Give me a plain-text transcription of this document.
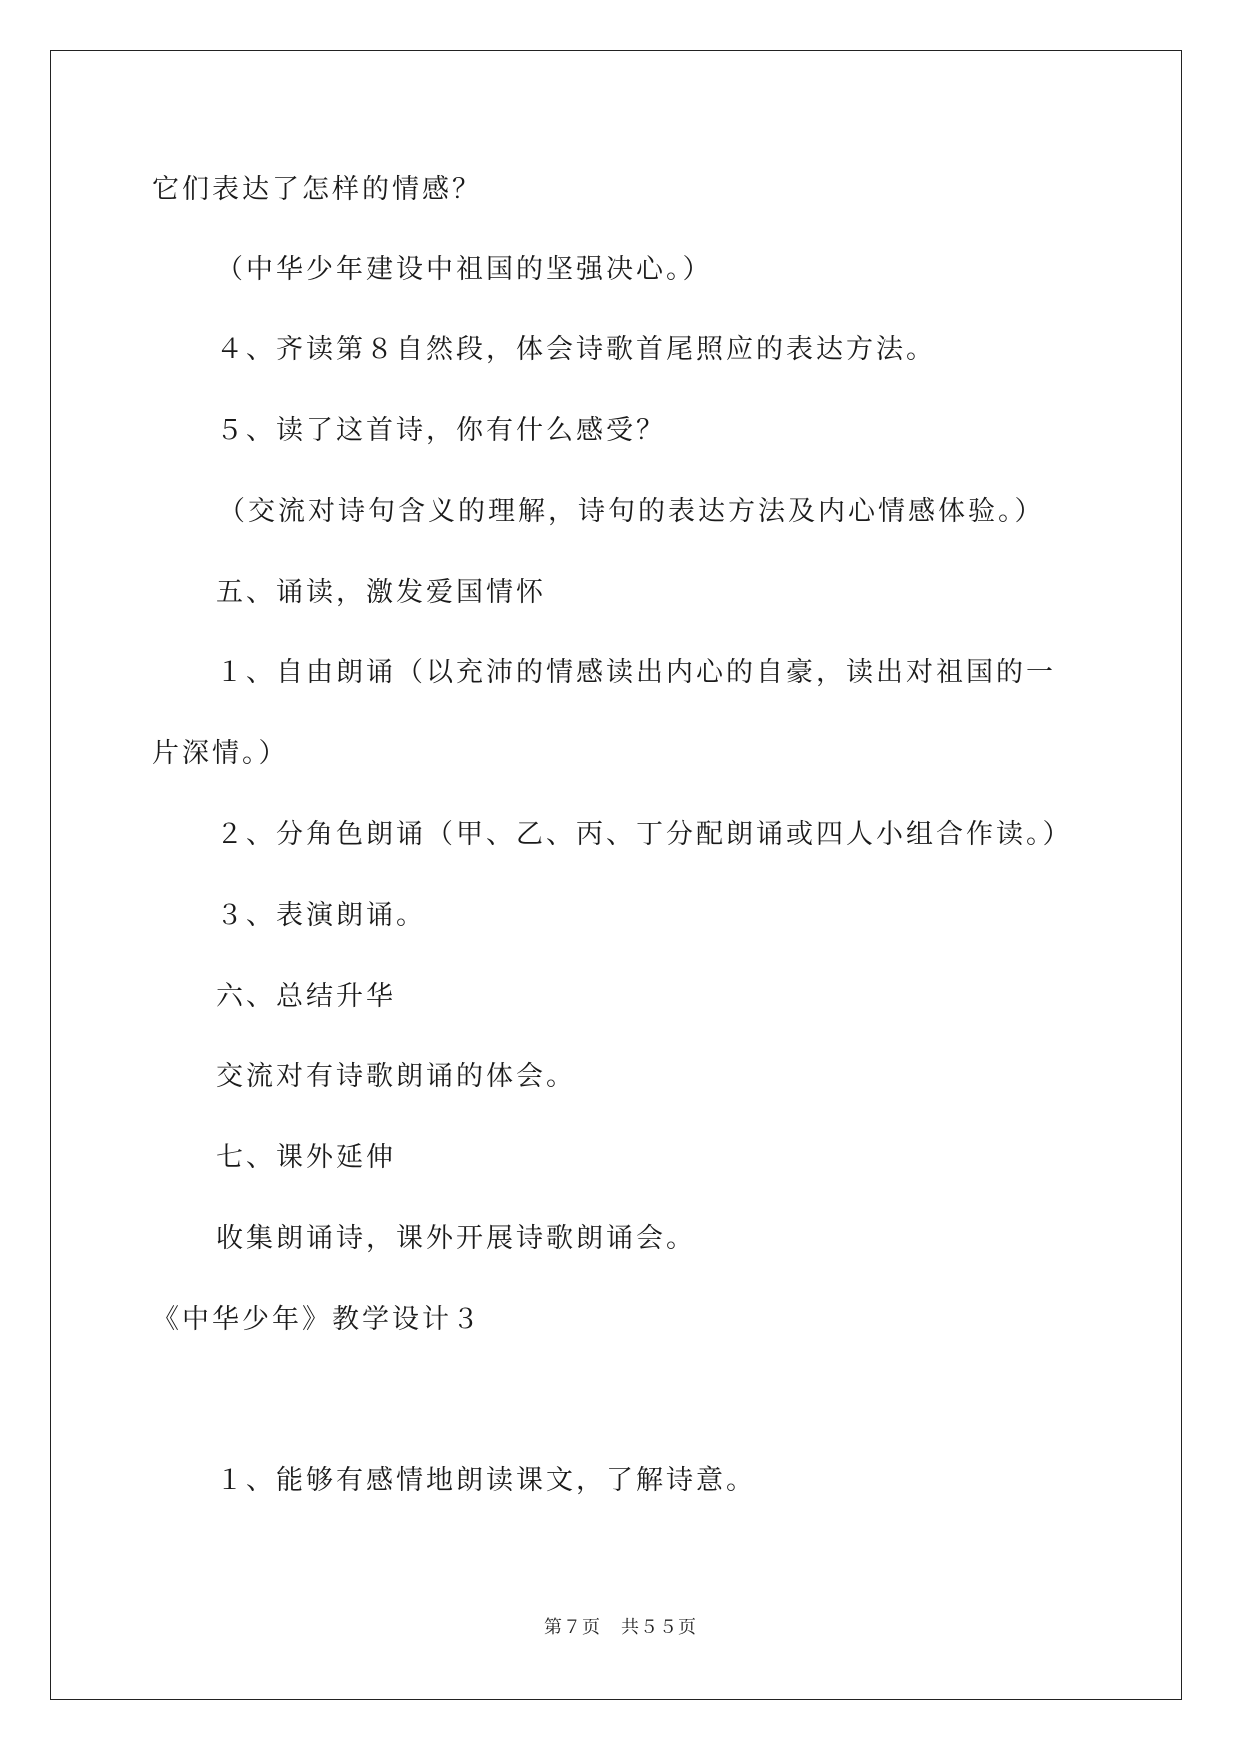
它们表达了怎样的情感？
（中华少年建设中祖国的坚强决心。）
４、齐读第８自然段，体会诗歌首尾照应的表达方法。
５、读了这首诗，你有什么感受？
（交流对诗句含义的理解，诗句的表达方法及内心情感体验。）
五、诵读，激发爱国情怀
１、自由朗诵（以充沛的情感读出内心的自豪，读出对祖国的一
片深情。）
２、分角色朗诵（甲、乙、丙、丁分配朗诵或四人小组合作读。）
３、表演朗诵。
六、总结升华
交流对有诗歌朗诵的体会。
七、课外延伸
收集朗诵诗，课外开展诗歌朗诵会。
《中华少年》教学设计３
１、能够有感情地朗读课文，了解诗意。
第７页 共５５页
